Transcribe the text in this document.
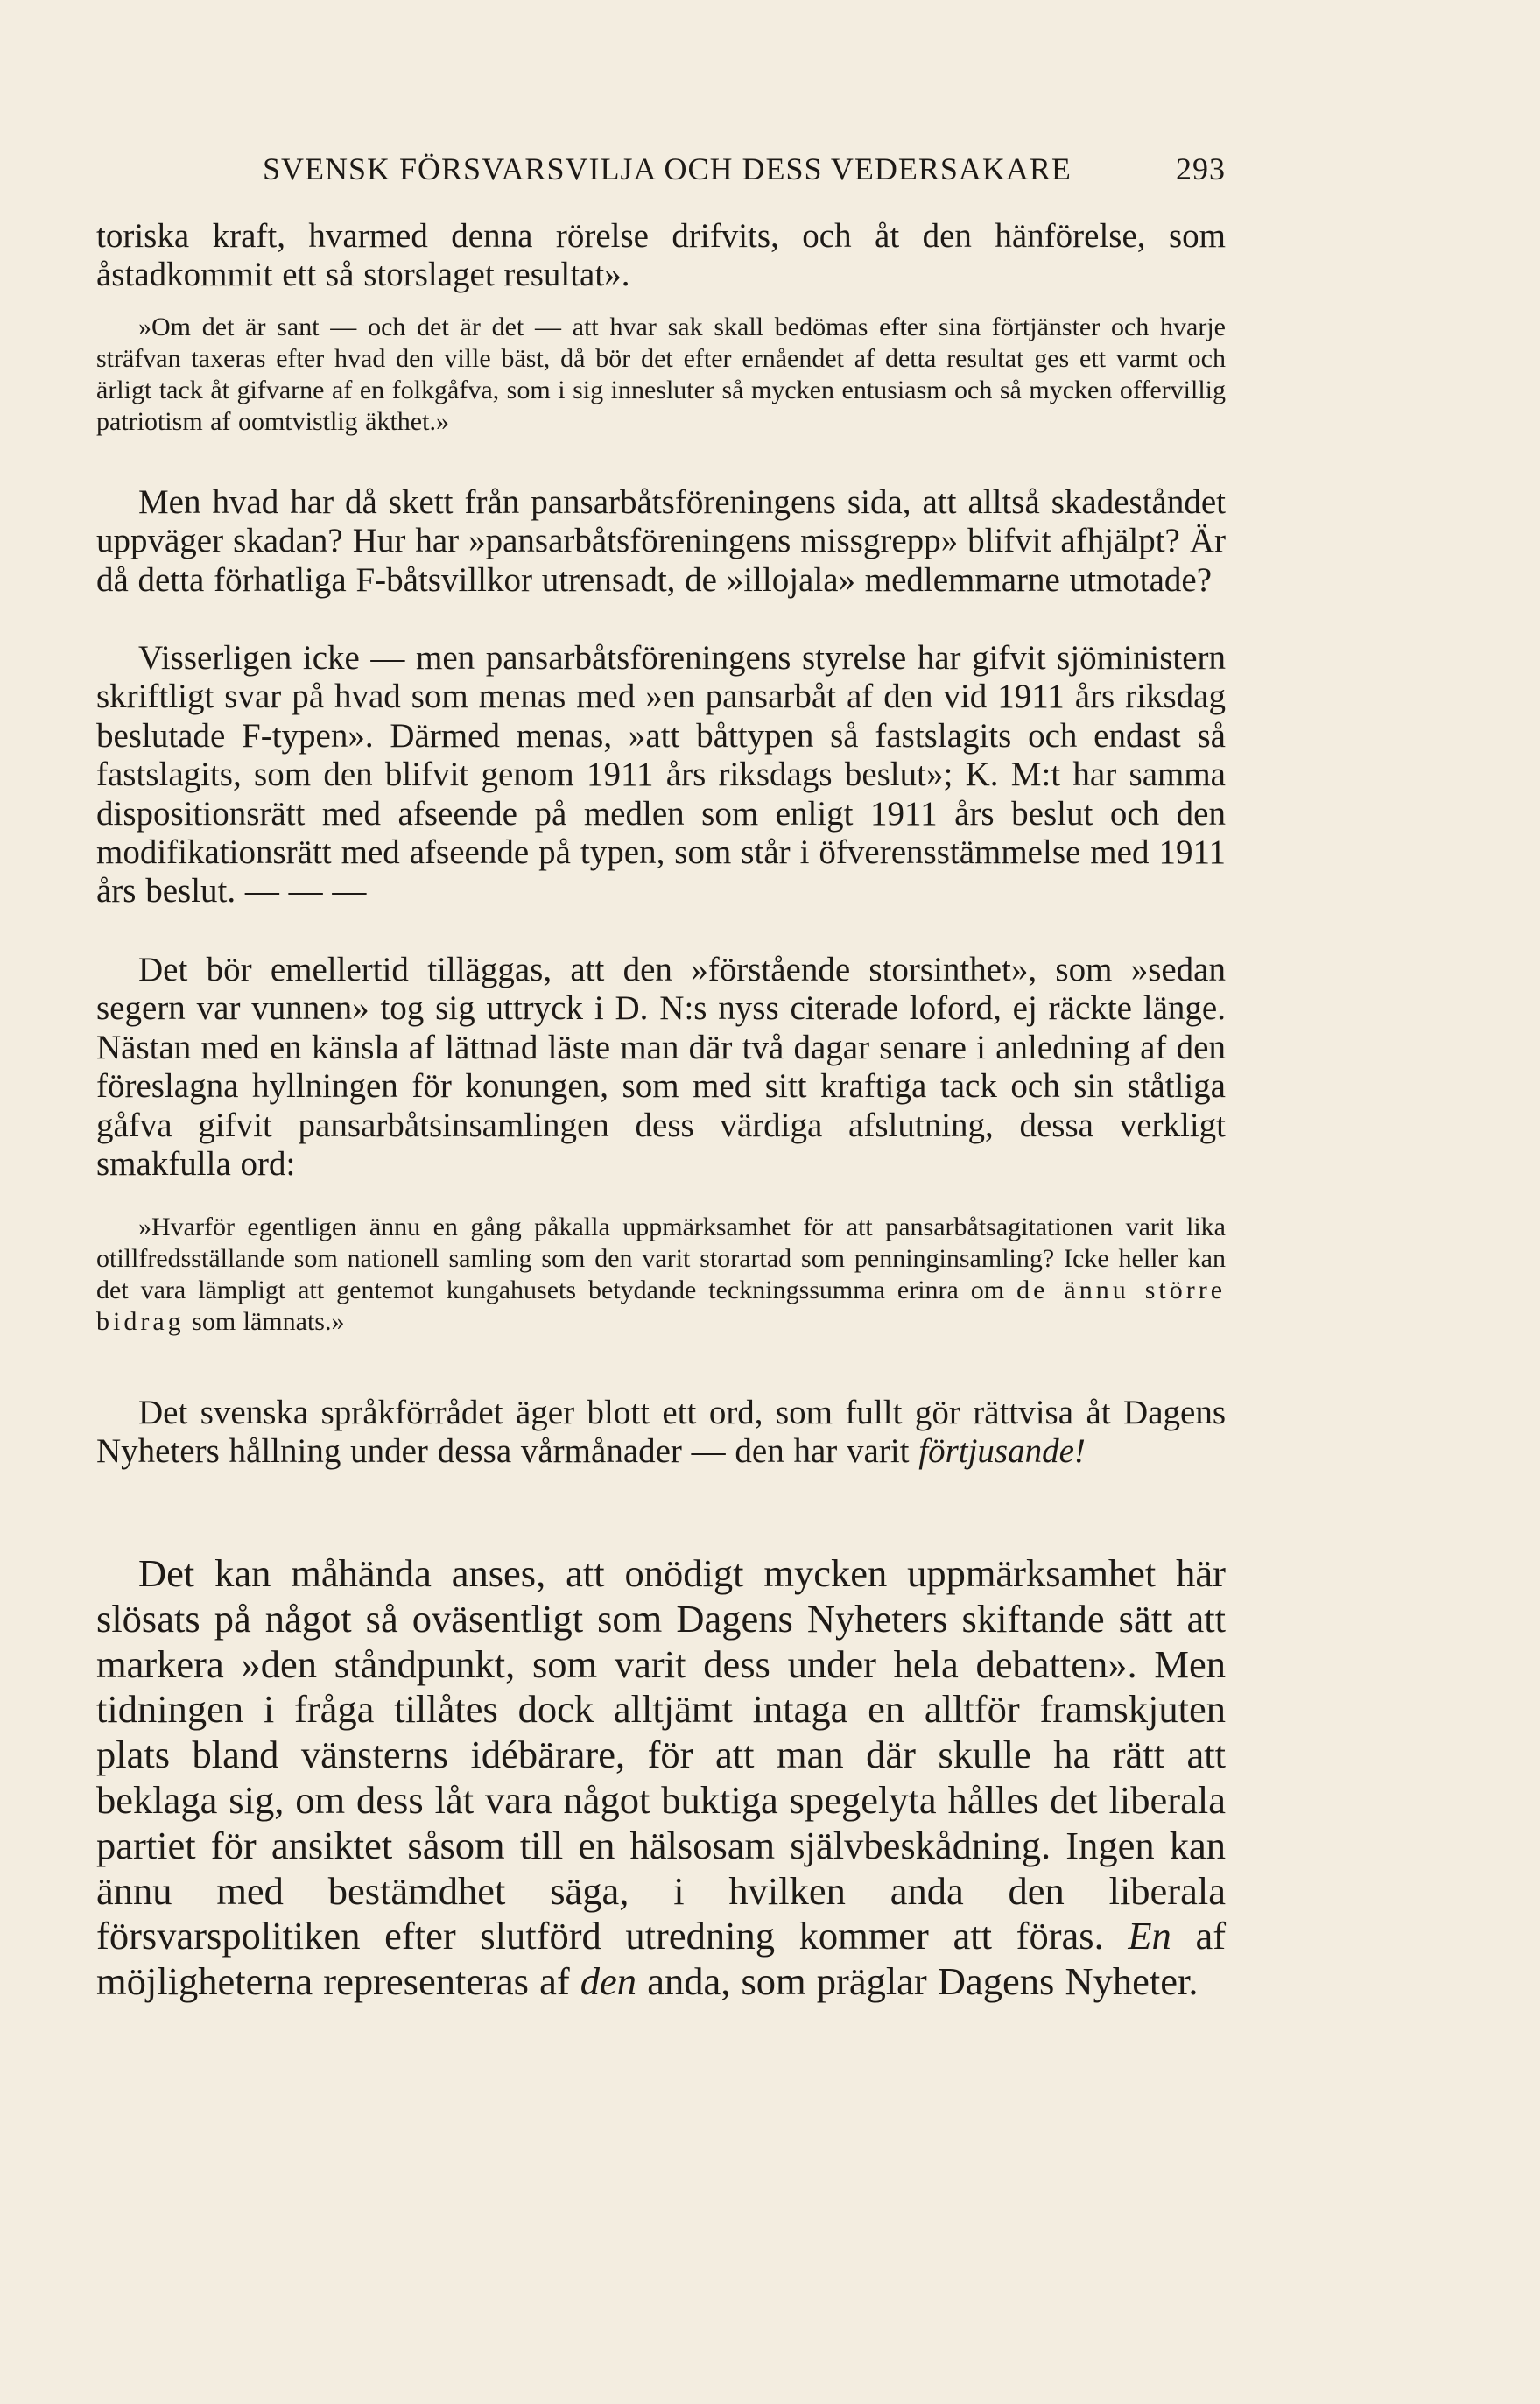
SVENSK FÖRSVARSVILJA OCH DESS VEDERSAKARE	293

toriska kraft, hvarmed denna rörelse drifvits, och åt den hänförelse, som åstadkommit ett så storslaget resultat».

»Om det är sant — och det är det — att hvar sak skall bedömas efter sina förtjänster och hvarje sträfvan taxeras efter hvad den ville bäst, då bör det efter ernåendet af detta resultat ges ett varmt och ärligt tack åt gifvarne af en folkgåfva, som i sig innesluter så mycken entusiasm och så mycken offervillig patriotism af oomtvistlig äkthet.»

Men hvad har då skett från pansarbåtsföreningens sida, att alltså skadeståndet uppväger skadan? Hur har »pansarbåtsföreningens missgrepp» blifvit afhjälpt? Är då detta förhatliga F-båtsvillkor utrensadt, de »illojala» medlemmarne utmotade?

Visserligen icke — men pansarbåtsföreningens styrelse har gifvit sjöministern skriftligt svar på hvad som menas med »en pansarbåt af den vid 1911 års riksdag beslutade F-typen». Därmed menas, »att båttypen så fastslagits och endast så fastslagits, som den blifvit genom 1911 års riksdags beslut»; K. M:t har samma dispositionsrätt med afseende på medlen som enligt 1911 års beslut och den modifikationsrätt med afseende på typen, som står i öfverensstämmelse med 1911 års beslut. — — —

Det bör emellertid tilläggas, att den »förstående storsinthet», som »sedan segern var vunnen» tog sig uttryck i D. N:s nyss citerade loford, ej räckte länge. Nästan med en känsla af lättnad läste man där två dagar senare i anledning af den föreslagna hyllningen för konungen, som med sitt kraftiga tack och sin ståtliga gåfva gifvit pansarbåtsinsamlingen dess värdiga afslutning, dessa verkligt smakfulla ord:

»Hvarför egentligen ännu en gång påkalla uppmärksamhet för att pansarbåtsagitationen varit lika otillfredsställande som nationell samling som den varit storartad som penninginsamling? Icke heller kan det vara lämpligt att gentemot kungahusets betydande teckningssumma erinra om de ännu större bidrag som lämnats.»

Det svenska språkförrådet äger blott ett ord, som fullt gör rättvisa åt Dagens Nyheters hållning under dessa vårmånader — den har varit förtjusande!

Det kan måhända anses, att onödigt mycken uppmärksamhet här slösats på något så oväsentligt som Dagens Nyheters skiftande sätt att markera »den ståndpunkt, som varit dess under hela debatten». Men tidningen i fråga tillåtes dock alltjämt intaga en alltför framskjuten plats bland vänsterns idébärare, för att man där skulle ha rätt att beklaga sig, om dess låt vara något buktiga spegelyta hålles det liberala partiet för ansiktet såsom till en hälsosam självbeskådning. Ingen kan ännu med bestämdhet säga, i hvilken anda den liberala försvarspolitiken efter slutförd utredning kommer att föras. En af möjligheterna representeras af den anda, som präglar Dagens Nyheter.
